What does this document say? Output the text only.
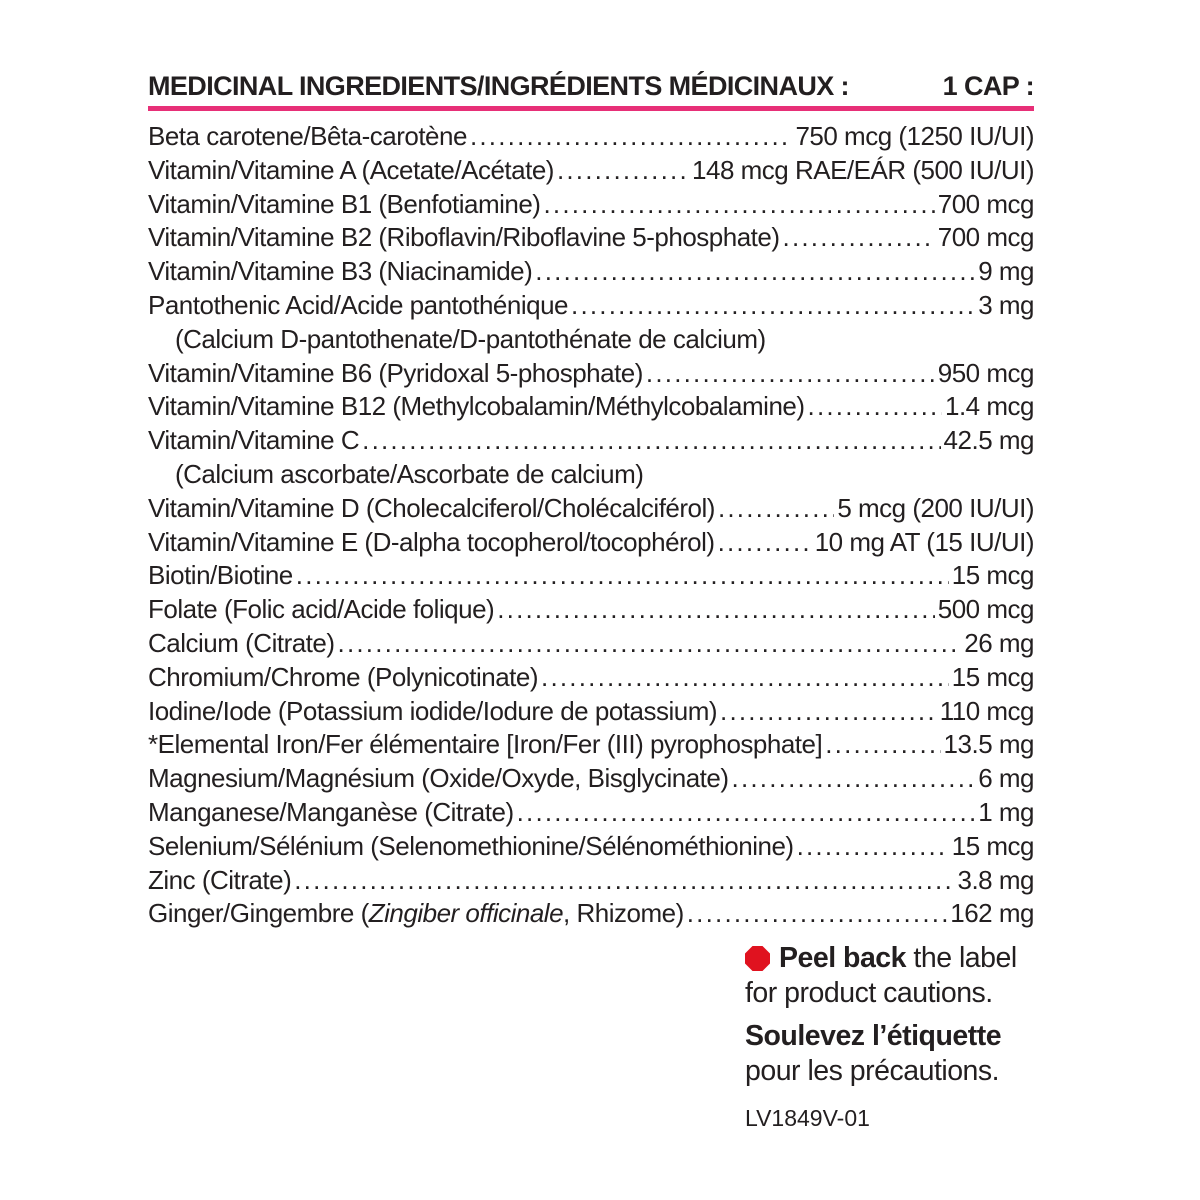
MEDICINAL INGREDIENTS/INGRÉDIENTS MÉDICINAUX :	1 CAP :
Beta carotene/Bêta-carotène .....	750 mcg (1250 IU/UI)
Vitamin/Vitamine A (Acetate/Acétate) .....	148 mcg RAE/EÁR (500 IU/UI)
Vitamin/Vitamine B1 (Benfotiamine) .....	700 mcg
Vitamin/Vitamine B2 (Riboflavin/Riboflavine 5-phosphate) .....	700 mcg
Vitamin/Vitamine B3 (Niacinamide) .....	9 mg
Pantothenic Acid/Acide pantothénique .....	3 mg
(Calcium D-pantothenate/D-pantothénate de calcium)
Vitamin/Vitamine B6 (Pyridoxal 5-phosphate) .....	950 mcg
Vitamin/Vitamine B12 (Methylcobalamin/Méthylcobalamine) .....	1.4 mcg
Vitamin/Vitamine C .....	42.5 mg
(Calcium ascorbate/Ascorbate de calcium)
Vitamin/Vitamine D (Cholecalciferol/Cholécalciférol) .....	5 mcg (200 IU/UI)
Vitamin/Vitamine E (D-alpha tocopherol/tocophérol) .....	10 mg AT (15 IU/UI)
Biotin/Biotine .....	15 mcg
Folate (Folic acid/Acide folique) .....	500 mcg
Calcium (Citrate) .....	26 mg
Chromium/Chrome (Polynicotinate) .....	15 mcg
Iodine/Iode (Potassium iodide/Iodure de potassium) .....	110 mcg
*Elemental Iron/Fer élémentaire [Iron/Fer (III) pyrophosphate] .....	13.5 mg
Magnesium/Magnésium (Oxide/Oxyde, Bisglycinate) .....	6 mg
Manganese/Manganèse (Citrate) .....	1 mg
Selenium/Sélénium (Selenomethionine/Sélénométhionine) .....	15 mcg
Zinc (Citrate) .....	3.8 mg
Ginger/Gingembre (Zingiber officinale, Rhizome) .....	162 mg
Peel back the label
for product cautions.
Soulevez l’étiquette
pour les précautions.
LV1849V-01
